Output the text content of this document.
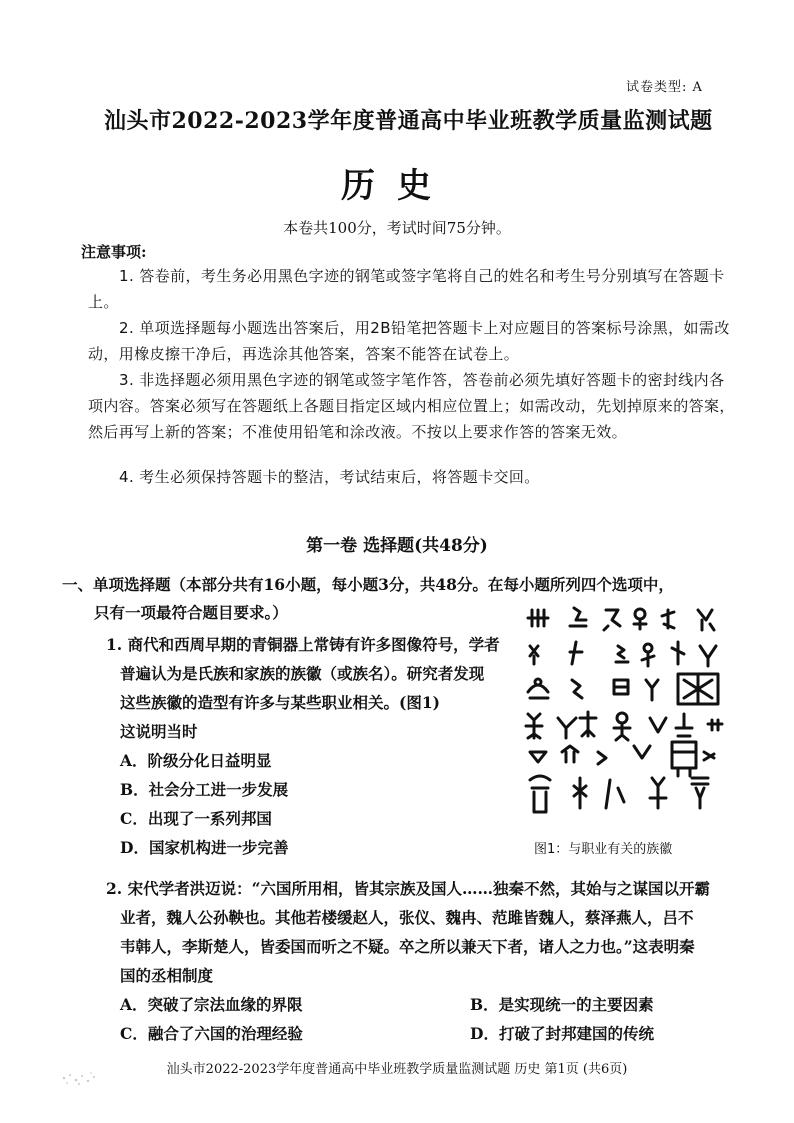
试卷类型: A
汕头市2022-2023学年度普通高中毕业班教学质量监测试题
历史
本卷共100分，考试时间75分钟。
注意事项:
1. 答卷前，考生务必用黑色字迹的钢笔或签字笔将自己的姓名和考生号分别填写在答题卡上。
2. 单项选择题每小题选出答案后，用2B铅笔把答题卡上对应题目的答案标号涂黑，如需改动，用橡皮擦干净后，再选涂其他答案，答案不能答在试卷上。
3. 非选择题必须用黑色字迹的钢笔或签字笔作答，答卷前必须先填好答题卡的密封线内各项内容。答案必须写在答题纸上各题目指定区域内相应位置上；如需改动，先划掉原来的答案，然后再写上新的答案；不准使用铅笔和涂改液。不按以上要求作答的答案无效。
4. 考生必须保持答题卡的整洁，考试结束后，将答题卡交回。
第一卷 选择题(共48分)
一、单项选择题（本部分共有16小题，每小题3分，共48分。在每小题所列四个选项中，
只有一项最符合题目要求。）
1. 商代和西周早期的青铜器上常铸有许多图像符号，学者
普遍认为是氏族和家族的族徽（或族名）。研究者发现
这些族徽的造型有许多与某些职业相关。(图1)
这说明当时
A．阶级分化日益明显
B．社会分工进一步发展
C．出现了一系列邦国
D．国家机构进一步完善	图1：与职业有关的族徽
2. 宋代学者洪迈说：“六国所用相，皆其宗族及国人……独秦不然，其始与之谋国以开霸
业者，魏人公孙鞅也。其他若楼缓赵人，张仪、魏冉、范雎皆魏人，蔡泽燕人，吕不
韦韩人，李斯楚人，皆委国而听之不疑。卒之所以兼天下者，诸人之力也。”这表明秦
国的丞相制度
A．突破了宗法血缘的界限	B．是实现统一的主要因素
C．融合了六国的治理经验	D．打破了封邦建国的传统
汕头市2022-2023学年度普通高中毕业班教学质量监测试题 历史 第1页 (共6页)
